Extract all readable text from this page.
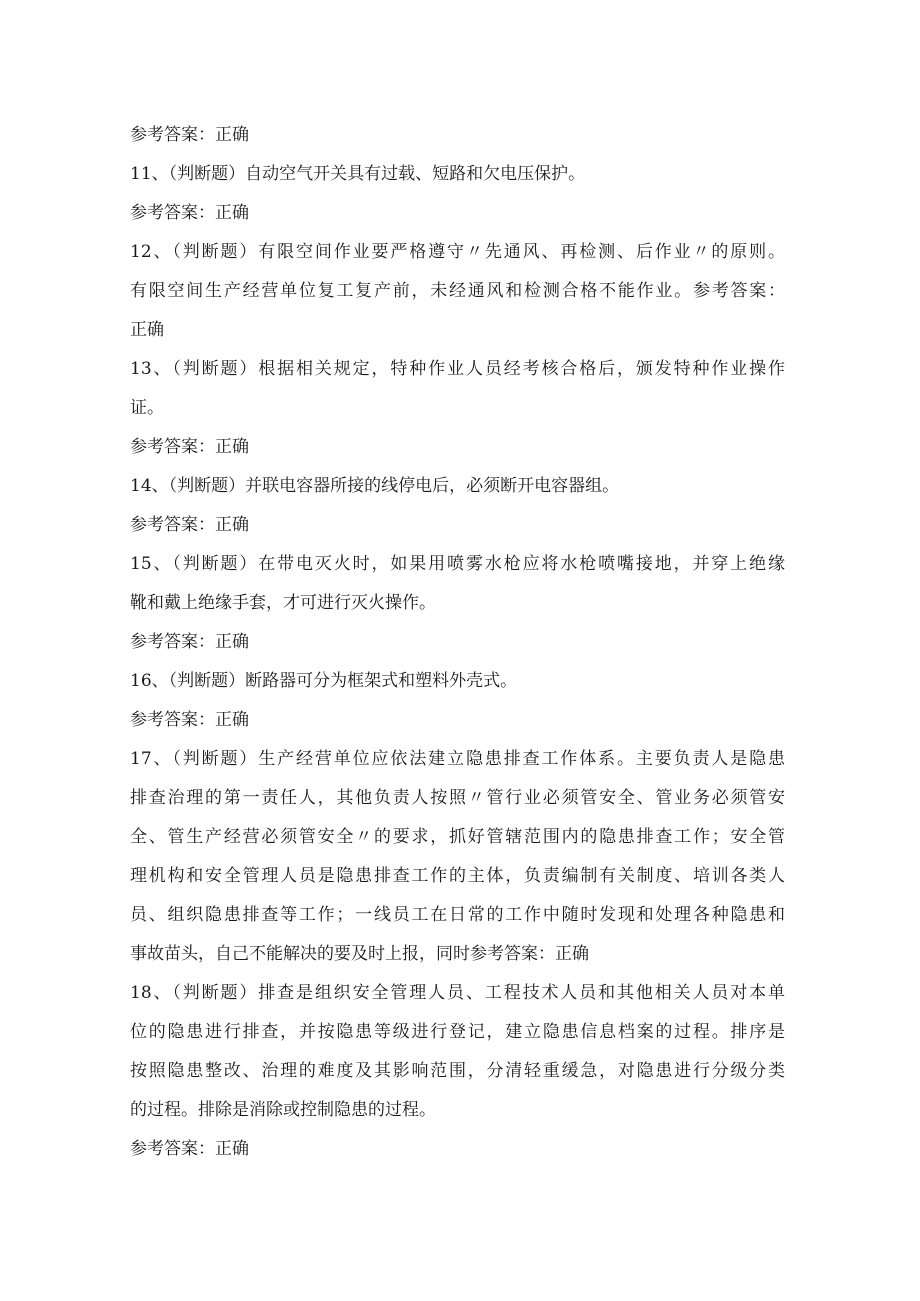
参考答案：正确
11、（判断题）自动空气开关具有过载、短路和欠电压保护。
参考答案：正确
12、（判断题）有限空间作业要严格遵守〃先通风、再检测、后作业〃的原则。
有限空间生产经营单位复工复产前，未经通风和检测合格不能作业。参考答案：
正确
13、（判断题）根据相关规定，特种作业人员经考核合格后，颁发特种作业操作
证。
参考答案：正确
14、（判断题）并联电容器所接的线停电后，必须断开电容器组。
参考答案：正确
15、（判断题）在带电灭火时，如果用喷雾水枪应将水枪喷嘴接地，并穿上绝缘
靴和戴上绝缘手套，才可进行灭火操作。
参考答案：正确
16、（判断题）断路器可分为框架式和塑料外壳式。
参考答案：正确
17、（判断题）生产经营单位应依法建立隐患排查工作体系。主要负责人是隐患
排查治理的第一责任人，其他负责人按照〃管行业必须管安全、管业务必须管安
全、管生产经营必须管安全〃的要求，抓好管辖范围内的隐患排查工作；安全管
理机构和安全管理人员是隐患排查工作的主体，负责编制有关制度、培训各类人
员、组织隐患排查等工作；一线员工在日常的工作中随时发现和处理各种隐患和
事故苗头，自己不能解决的要及时上报，同时参考答案：正确
18、（判断题）排查是组织安全管理人员、工程技术人员和其他相关人员对本单
位的隐患进行排查，并按隐患等级进行登记，建立隐患信息档案的过程。排序是
按照隐患整改、治理的难度及其影响范围，分清轻重缓急，对隐患进行分级分类
的过程。排除是消除或控制隐患的过程。
参考答案：正确
